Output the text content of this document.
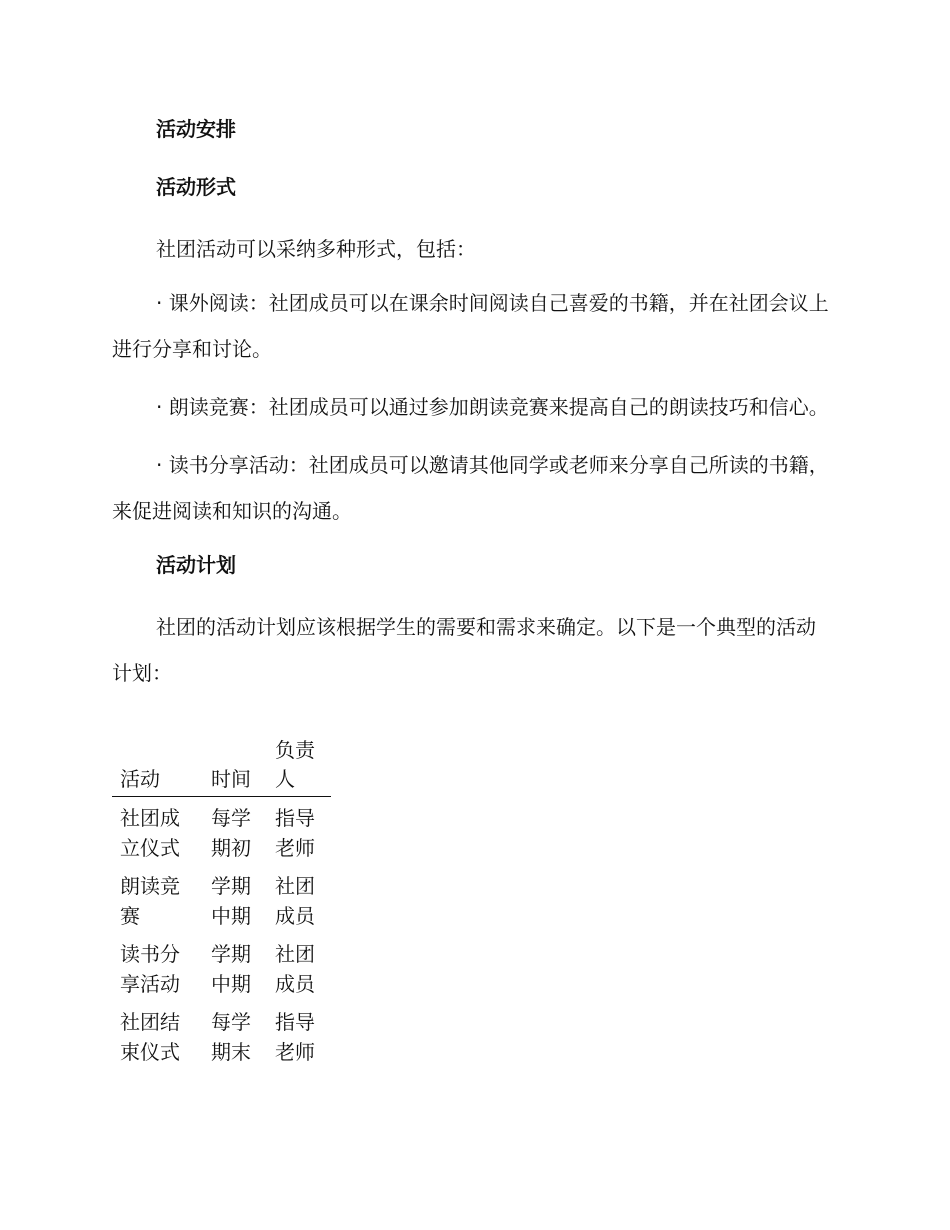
活动安排
活动形式

社团活动可以采纳多种形式，包括：

· 课外阅读：社团成员可以在课余时间阅读自己喜爱的书籍，并在社团会议上进行分享和讨论。

· 朗读竞赛：社团成员可以通过参加朗读竞赛来提高自己的朗读技巧和信心。

· 读书分享活动：社团成员可以邀请其他同学或老师来分享自己所读的书籍，来促进阅读和知识的沟通。

活动计划

社团的活动计划应该根据学生的需要和需求来确定。以下是一个典型的活动计划：

活动	时间	负责人
社团成立仪式	每学期初	指导老师
朗读竞赛	学期中期	社团成员
读书分享活动	学期中期	社团成员
社团结束仪式	每学期末	指导老师
